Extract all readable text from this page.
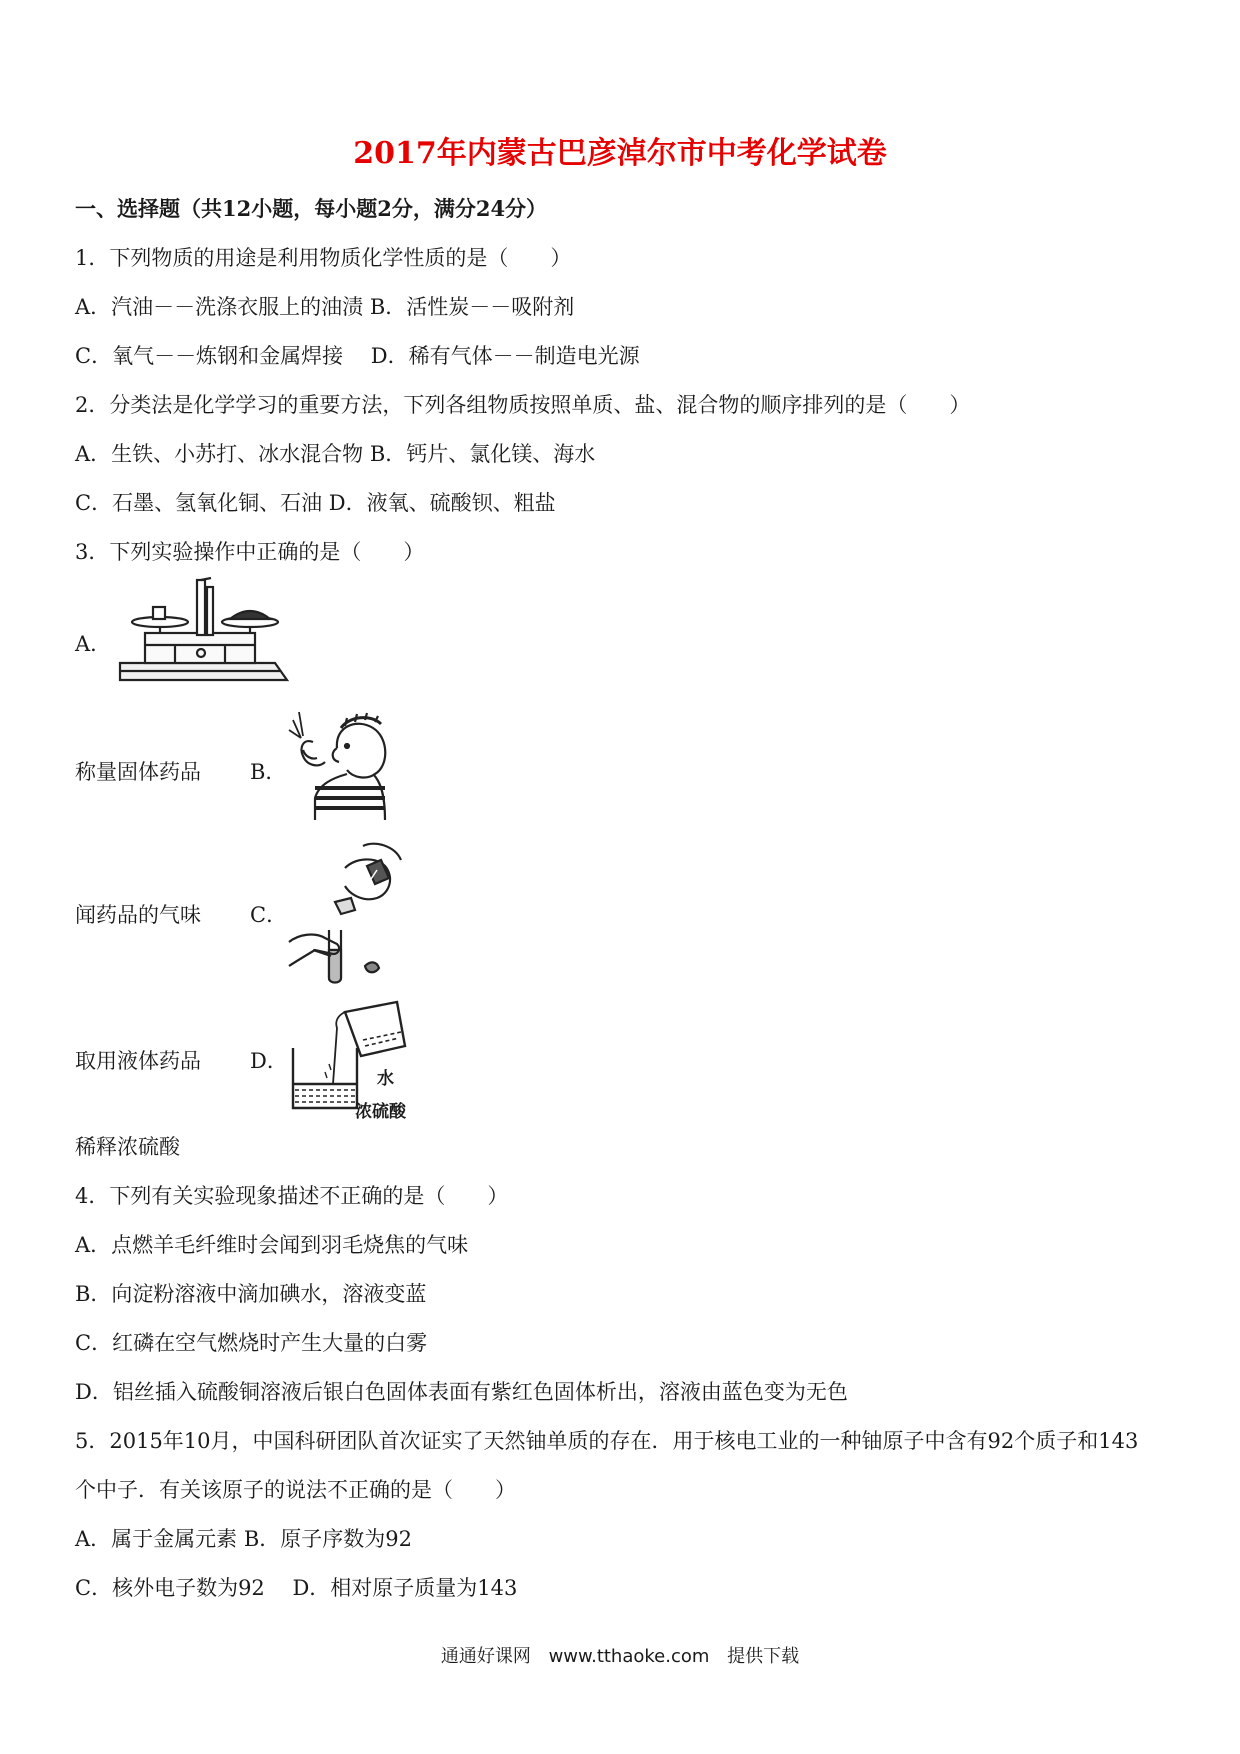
2017年内蒙古巴彦淖尔市中考化学试卷
一、选择题（共12小题，每小题2分，满分24分）
1．下列物质的用途是利用物质化学性质的是（　　）
A．汽油－－洗涤衣服上的油渍 B．活性炭－－吸附剂
C．氧气－－炼钢和金属焊接　 D．稀有气体－－制造电光源
2．分类法是化学学习的重要方法，下列各组物质按照单质、盐、混合物的顺序排列的是（　　）
A．生铁、小苏打、冰水混合物 B．钙片、氯化镁、海水
C．石墨、氢氧化铜、石油 D．液氧、硫酸钡、粗盐
3．下列实验操作中正确的是（　　）
A．
称量固体药品 B．
闻药品的气味 C．
取用液体药品 D．
水
浓硫酸
稀释浓硫酸
4．下列有关实验现象描述不正确的是（　　）
A．点燃羊毛纤维时会闻到羽毛烧焦的气味
B．向淀粉溶液中滴加碘水，溶液变蓝
C．红磷在空气燃烧时产生大量的白雾
D．铝丝插入硫酸铜溶液后银白色固体表面有紫红色固体析出，溶液由蓝色变为无色
5．2015年10月，中国科研团队首次证实了天然铀单质的存在．用于核电工业的一种铀原子中含有92个质子和143
个中子．有关该原子的说法不正确的是（　　）
A．属于金属元素 B．原子序数为92
C．核外电子数为92　 D．相对原子质量为143
通通好课网 www.tthaoke.com 提供下载
